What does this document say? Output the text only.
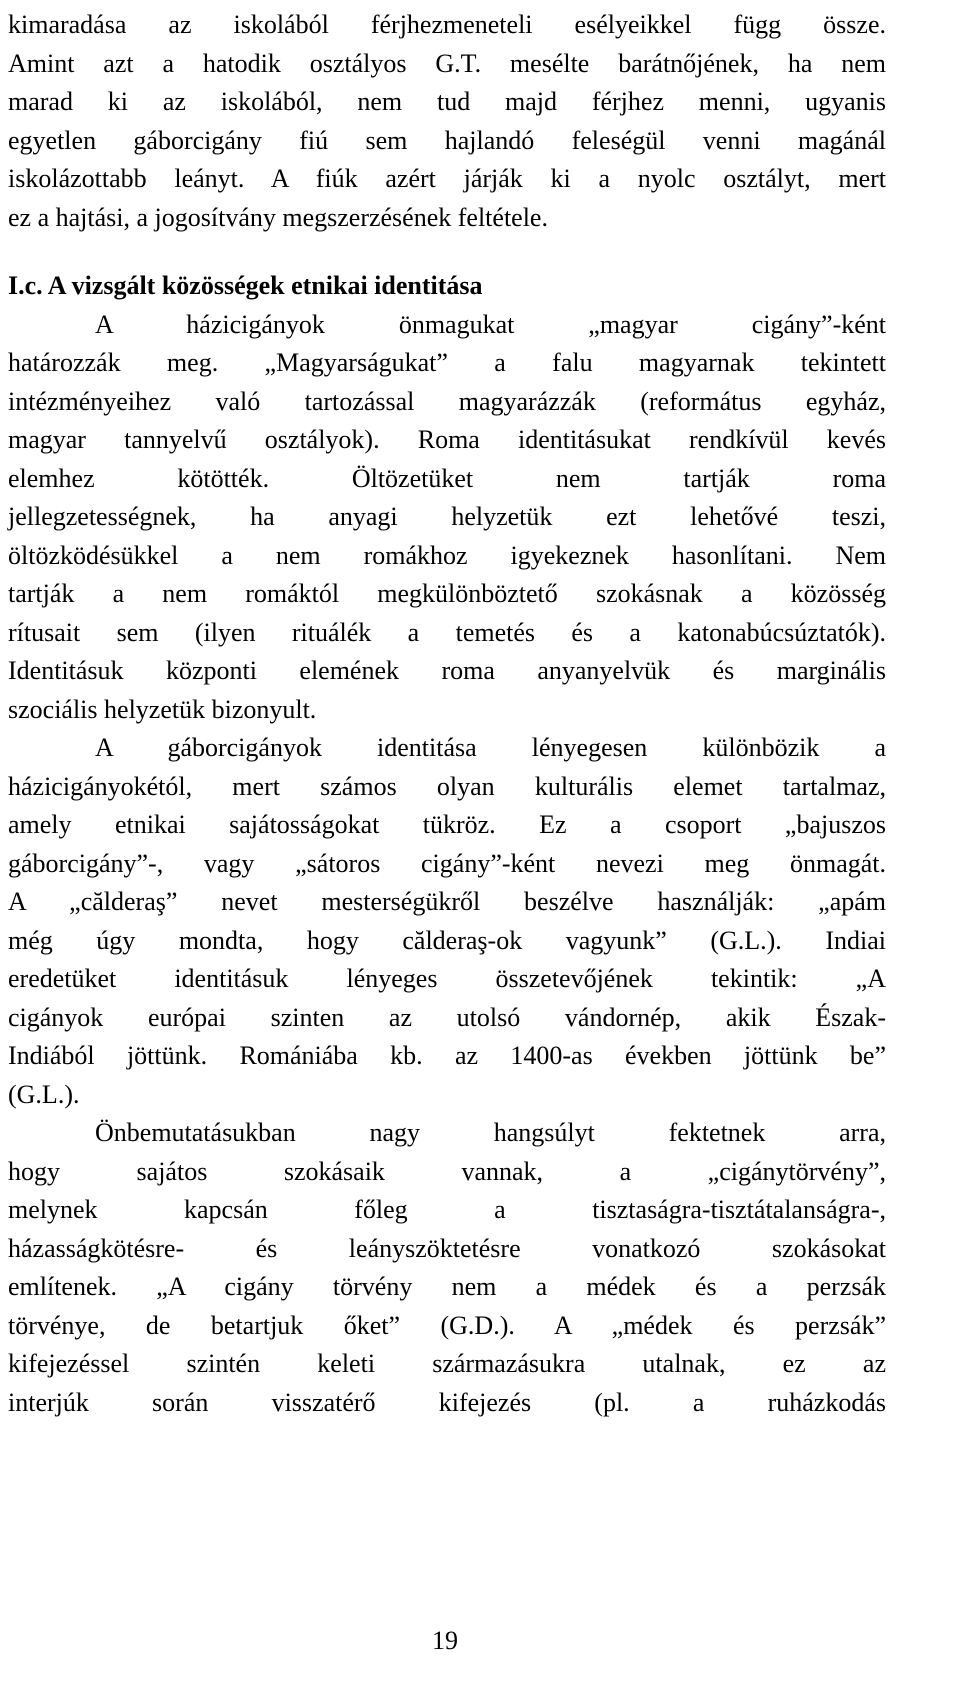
kimaradása az iskolából férjhezmeneteli esélyeikkel függ össze.
Amint azt a hatodik osztályos G.T. mesélte barátnőjének, ha nem
marad ki az iskolából, nem tud majd férjhez menni, ugyanis
egyetlen gáborcigány fiú sem hajlandó feleségül venni magánál
iskolázottabb leányt. A fiúk azért járják ki a nyolc osztályt, mert
ez a hajtási, a jogosítvány megszerzésének feltétele.
I.c. A vizsgált közösségek etnikai identitása
A házicigányok önmagukat „magyar cigány”-ként
határozzák meg. „Magyarságukat” a falu magyarnak tekintett
intézményeihez való tartozással magyarázzák (református egyház,
magyar tannyelvű osztályok). Roma identitásukat rendkívül kevés
elemhez kötötték. Öltözetüket nem tartják roma
jellegzetességnek, ha anyagi helyzetük ezt lehetővé teszi,
öltözködésükkel a nem romákhoz igyekeznek hasonlítani. Nem
tartják a nem romáktól megkülönböztető szokásnak a közösség
rítusait sem (ilyen rituálék a temetés és a katonabúcsúztatók).
Identitásuk központi elemének roma anyanyelvük és marginális
szociális helyzetük bizonyult.
A gáborcigányok identitása lényegesen különbözik a
házicigányokétól, mert számos olyan kulturális elemet tartalmaz,
amely etnikai sajátosságokat tükröz. Ez a csoport „bajuszos
gáborcigány”-, vagy „sátoros cigány”-ként nevezi meg önmagát.
A „călderaş” nevet mesterségükről beszélve használják: „apám
még úgy mondta, hogy călderaş-ok vagyunk” (G.L.). Indiai
eredetüket identitásuk lényeges összetevőjének tekintik: „A
cigányok európai szinten az utolsó vándornép, akik Észak-
Indiából jöttünk. Romániába kb. az 1400-as években jöttünk be”
(G.L.).
Önbemutatásukban nagy hangsúlyt fektetnek arra,
hogy sajátos szokásaik vannak, a „cigánytörvény”,
melynek kapcsán főleg a tisztaságra-tisztátalanságra-,
házasságkötésre- és leányszöktetésre vonatkozó szokásokat
említenek. „A cigány törvény nem a médek és a perzsák
törvénye, de betartjuk őket” (G.D.). A „médek és perzsák”
kifejezéssel szintén keleti származásukra utalnak, ez az
interjúk során visszatérő kifejezés (pl. a ruházkodás
19
